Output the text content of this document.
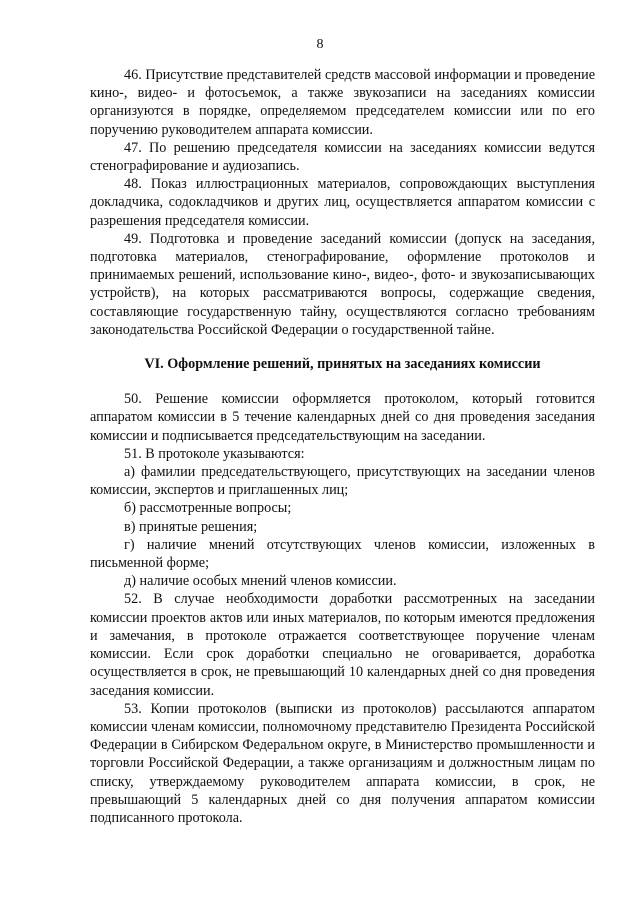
8

46. Присутствие представителей средств массовой информации и проведение кино-, видео- и фотосъемок, а также звукозаписи на заседаниях комиссии организуются в порядке, определяемом председателем комиссии или по его поручению руководителем аппарата комиссии.

47. По решению председателя комиссии на заседаниях комиссии ведутся стенографирование и аудиозапись.

48. Показ иллюстрационных материалов, сопровождающих выступления докладчика, содокладчиков и других лиц, осуществляется аппаратом комиссии с разрешения председателя комиссии.

49. Подготовка и проведение заседаний комиссии (допуск на заседания, подготовка материалов, стенографирование, оформление протоколов и принимаемых решений, использование кино-, видео-, фото- и звукозаписывающих устройств), на которых рассматриваются вопросы, содержащие сведения, составляющие государственную тайну, осуществляются согласно требованиям законодательства Российской Федерации о государственной тайне.

VI. Оформление решений, принятых на заседаниях комиссии

50. Решение комиссии оформляется протоколом, который готовится аппаратом комиссии в 5 течение календарных дней со дня проведения заседания комиссии и подписывается председательствующим на заседании.

51. В протоколе указываются:

а) фамилии председательствующего, присутствующих на заседании членов комиссии, экспертов и приглашенных лиц;

б) рассмотренные вопросы;

в) принятые решения;

г) наличие мнений отсутствующих членов комиссии, изложенных в письменной форме;

д) наличие особых мнений членов комиссии.

52. В случае необходимости доработки рассмотренных на заседании комиссии проектов актов или иных материалов, по которым имеются предложения и замечания, в протоколе отражается соответствующее поручение членам комиссии. Если срок доработки специально не оговаривается, доработка осуществляется в срок, не превышающий 10 календарных дней со дня проведения заседания комиссии.

53. Копии протоколов (выписки из протоколов) рассылаются аппаратом комиссии членам комиссии, полномочному представителю Президента Российской Федерации в Сибирском Федеральном округе, в Министерство промышленности и торговли Российской Федерации, а также организациям и должностным лицам по списку, утверждаемому руководителем аппарата комиссии, в срок, не превышающий 5 календарных дней со дня получения аппаратом комиссии подписанного протокола.
